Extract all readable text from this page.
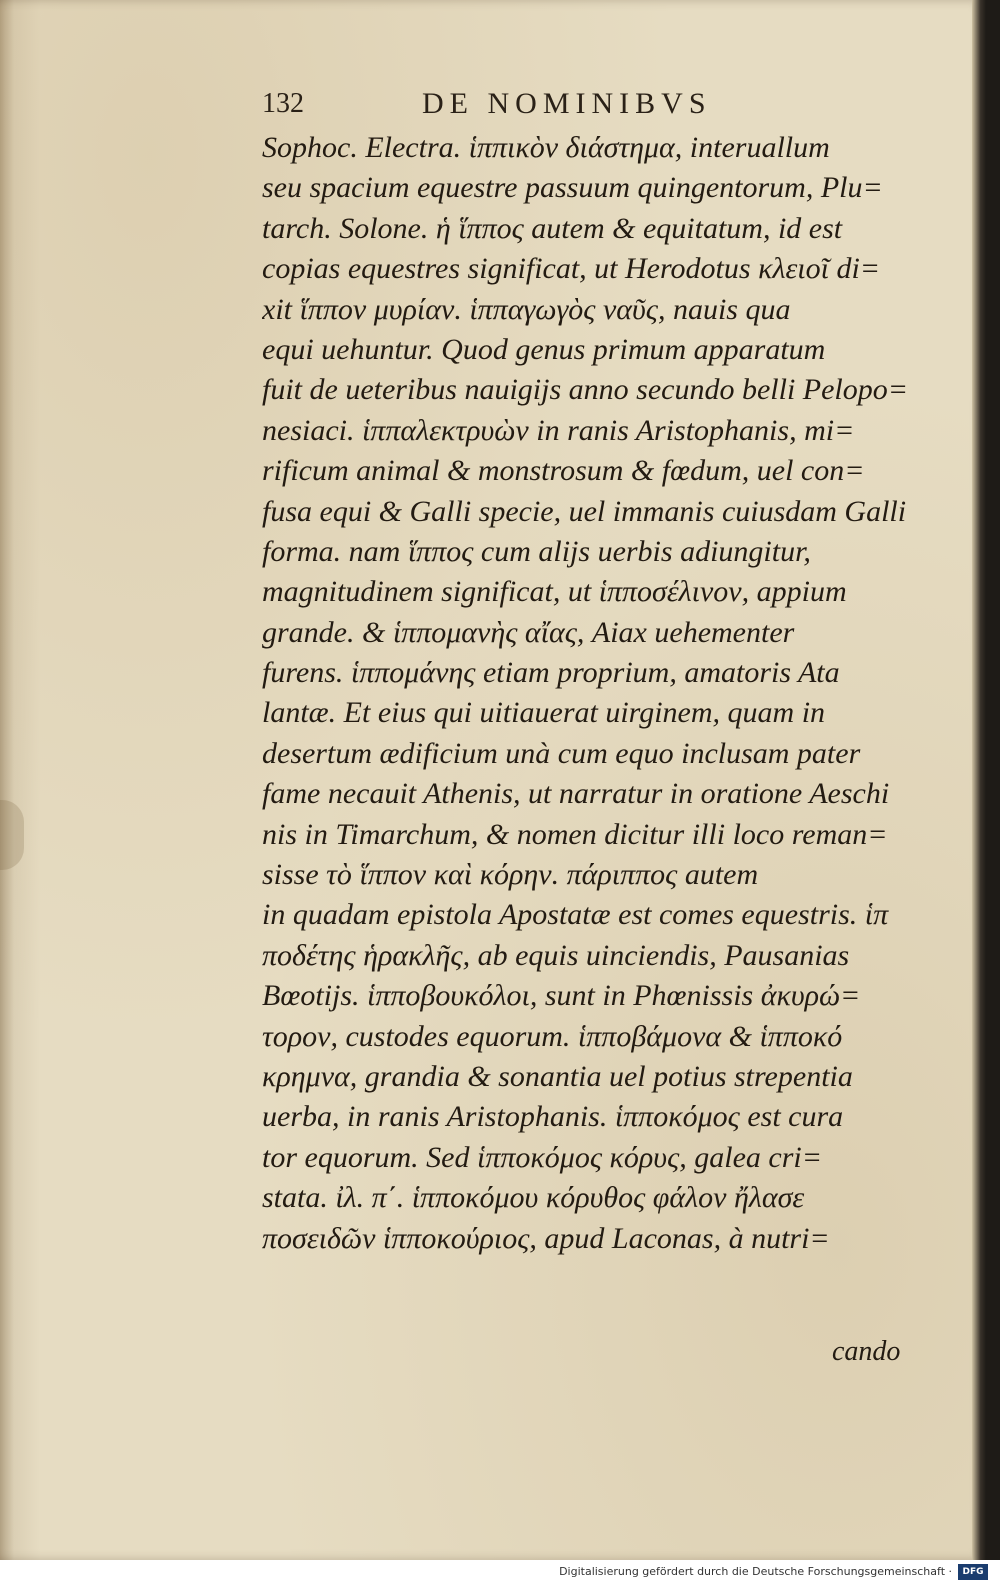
132	DE NOMINIBVS
Sophoc. Electra. ἱππικὸν διάστημα, interuallum
seu spacium equestre passuum quingentorum, Plu=
tarch. Solone. ἡ ἵππος autem & equitatum, id est
copias equestres significat, ut Herodotus κλειοῖ di=
xit ἵππον μυρίαν. ἱππαγωγὸς ναῦς, nauis qua
equi uehuntur. Quod genus primum apparatum
fuit de ueteribus nauigijs anno secundo belli Pelopo=
nesiaci. ἱππαλεκτρυὼν in ranis Aristophanis, mi=
rificum animal & monstrosum & fœdum, uel con=
fusa equi & Galli specie, uel immanis cuiusdam Galli
forma. nam ἵππος cum alijs uerbis adiungitur,
magnitudinem significat, ut ἱπποσέλινον, appium
grande. & ἱππομανὴς αἴας, Aiax uehementer
furens. ἱππομάνης etiam proprium, amatoris Ata
lantæ. Et eius qui uitiauerat uirginem, quam in
desertum ædificium unà cum equo inclusam pater
fame necauit Athenis, ut narratur in oratione Aeschi
nis in Timarchum, & nomen dicitur illi loco reman=
sisse τὸ ἵππον καὶ κόρην. πάριππος autem
in quadam epistola Apostatæ est comes equestris. ἱπ
ποδέτης ἡρακλῆς, ab equis uinciendis, Pausanias
Bœotijs. ἱπποβουκόλοι, sunt in Phœnissis ἀκυρώ=
τορον, custodes equorum. ἱπποβάμονα & ἱπποκό
κρημνα, grandia & sonantia uel potius strepentia
uerba, in ranis Aristophanis. ἱπποκόμος est cura
tor equorum. Sed ἱπποκόμος κόρυς, galea cri=
stata. ἰλ. π΄. ἱπποκόμου κόρυθος φάλον ἤλασε
ποσειδῶν ἱπποκούριος, apud Laconas, à nutri=
cando
Digitalisierung gefördert durch die Deutsche Forschungsgemeinschaft ·	DFG
